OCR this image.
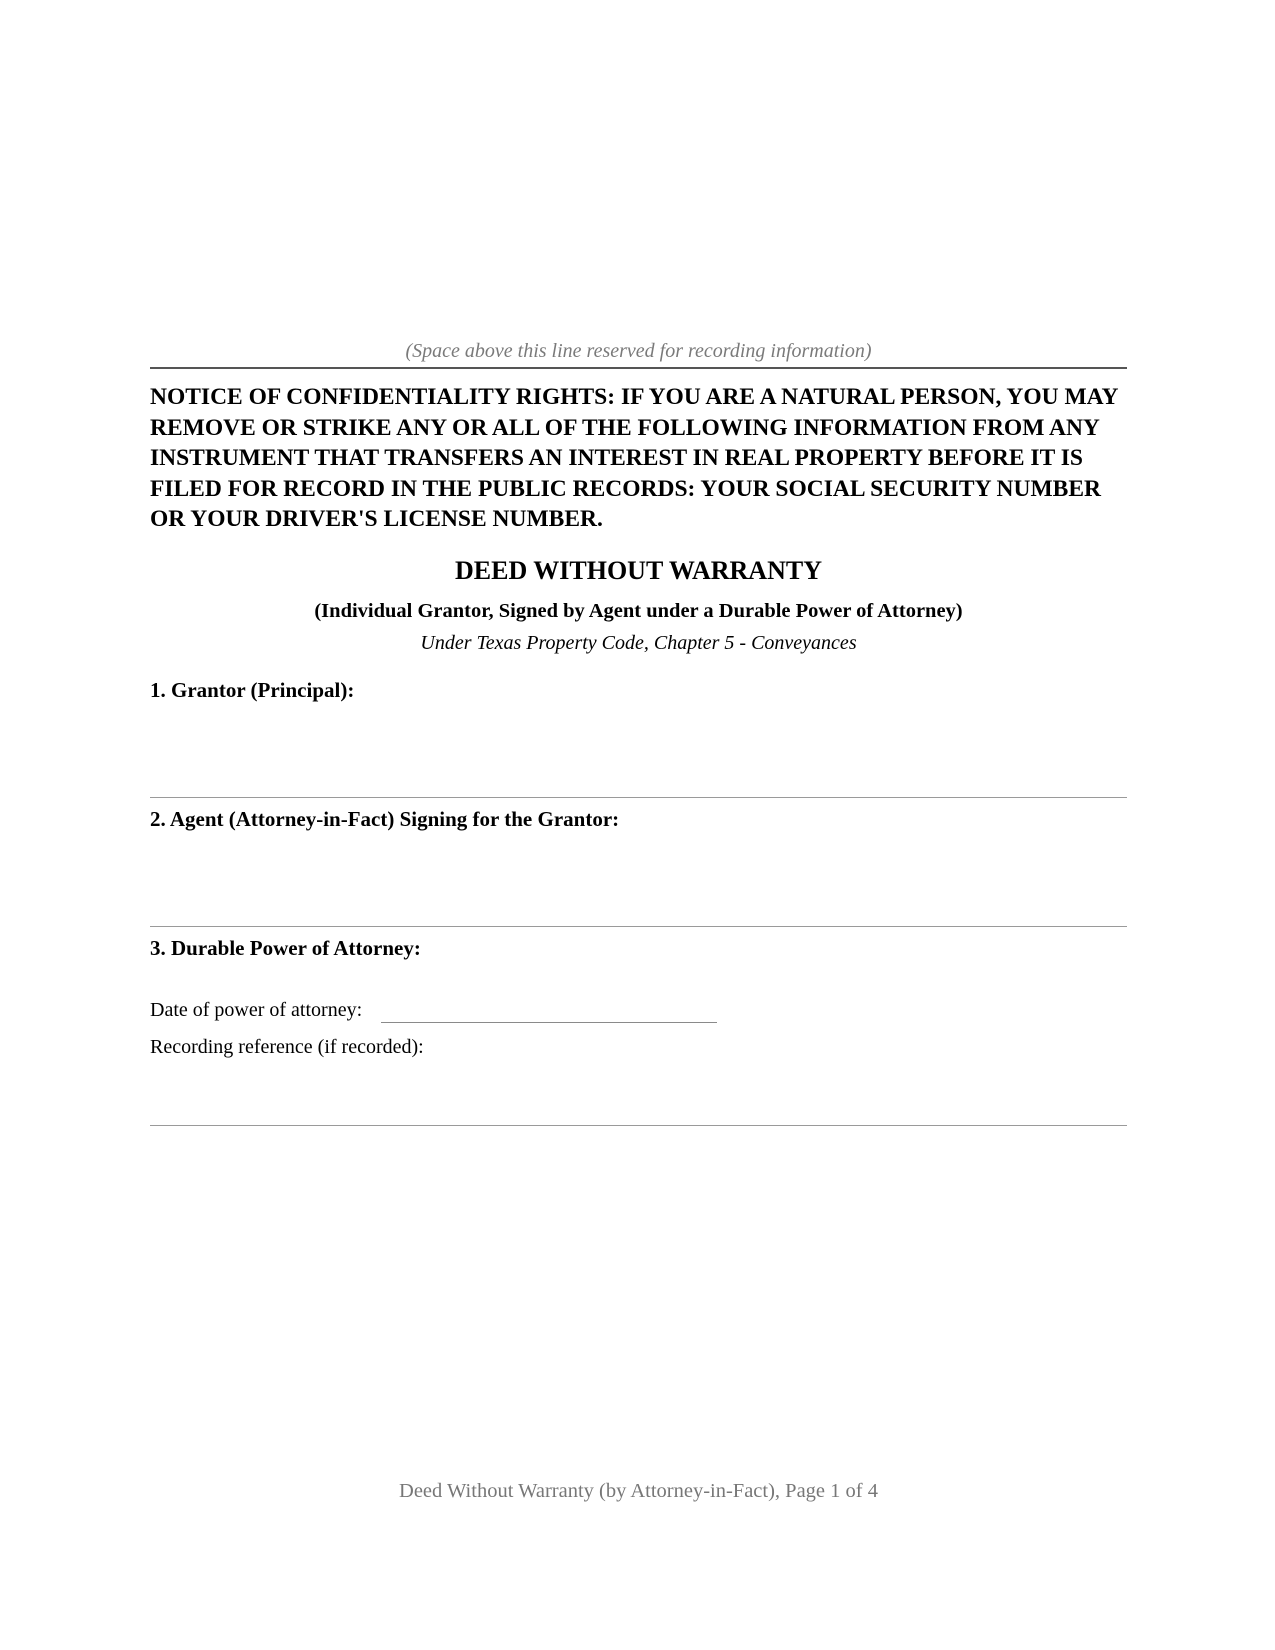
(Space above this line reserved for recording information)

NOTICE OF CONFIDENTIALITY RIGHTS: IF YOU ARE A NATURAL PERSON, YOU MAY REMOVE OR STRIKE ANY OR ALL OF THE FOLLOWING INFORMATION FROM ANY INSTRUMENT THAT TRANSFERS AN INTEREST IN REAL PROPERTY BEFORE IT IS FILED FOR RECORD IN THE PUBLIC RECORDS: YOUR SOCIAL SECURITY NUMBER OR YOUR DRIVER'S LICENSE NUMBER.

DEED WITHOUT WARRANTY
(Individual Grantor, Signed by Agent under a Durable Power of Attorney)
Under Texas Property Code, Chapter 5 - Conveyances
1. Grantor (Principal):
2. Agent (Attorney-in-Fact) Signing for the Grantor:
3. Durable Power of Attorney:
Date of power of attorney:
Recording reference (if recorded):
Deed Without Warranty (by Attorney-in-Fact), Page 1 of 4
